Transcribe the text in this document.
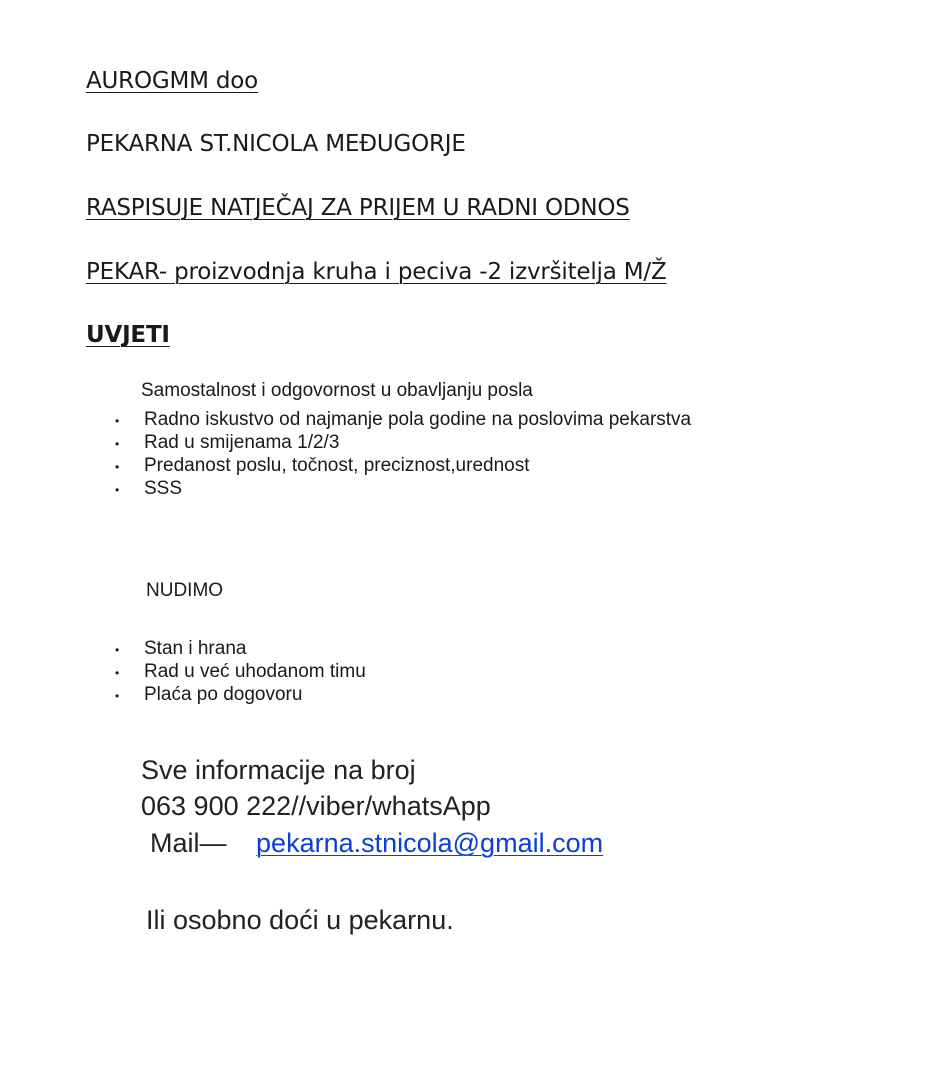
AUROGMM doo
PEKARNA ST.NICOLA MEĐUGORJE
RASPISUJE NATJEČAJ ZA PRIJEM U RADNI ODNOS
PEKAR- proizvodnja kruha i peciva -2 izvršitelja M/Ž
UVJETI

Samostalnost i odgovornost u obavljanju posla

• Radno iskustvo od najmanje pola godine na poslovima pekarstva
• Rad u smijenama 1/2/3
• Predanost poslu, točnost, preciznost,urednost
• SSS

NUDIMO

• Stan i hrana
• Rad u već uhodanom timu
• Plaća po dogovoru

Sve informacije na broj

063 900 222//viber/whatsApp

Mail— pekarna.stnicola@gmail.com

Ili osobno doći u pekarnu.
